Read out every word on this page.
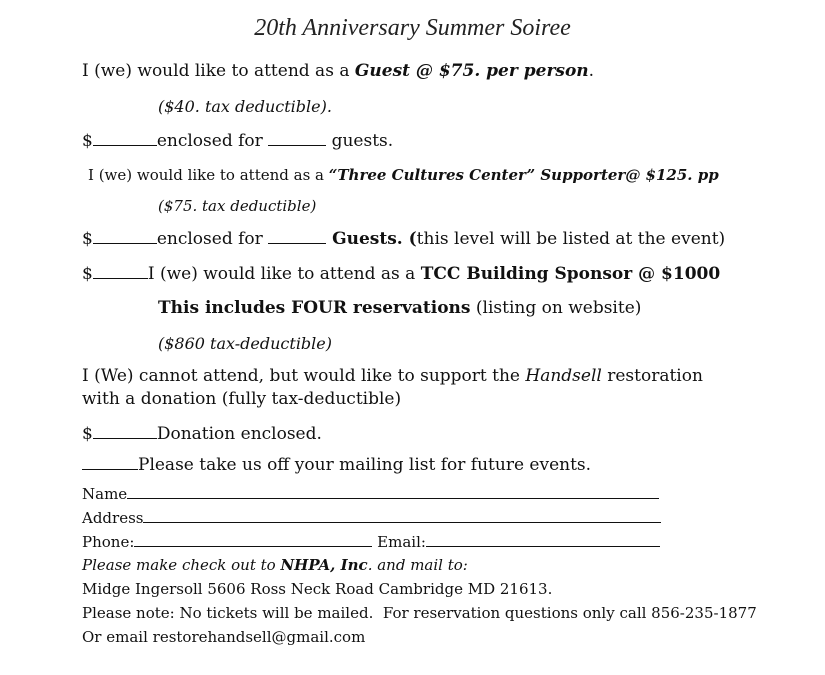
20th Anniversary Summer Soiree
I (we) would like to attend as a Guest @ $75. per person.
($40. tax deductible).
$	enclosed for	guests.
I (we) would like to attend as a “Three Cultures Center” Supporter@ $125. pp
($75. tax deductible)
$	enclosed for	Guests. (this level will be listed at the event)
$	I (we) would like to attend as a TCC Building Sponsor @ $1000
This includes FOUR reservations (listing on website)
($860 tax-deductible)
I (We) cannot attend, but would like to support the Handsell restoration
with a donation (fully tax-deductible)
$	Donation enclosed.
Please take us off your mailing list for future events.
Name
Address
Phone:	Email:
Please make check out to NHPA, Inc. and mail to:
Midge Ingersoll 5606 Ross Neck Road Cambridge MD 21613.
Please note: No tickets will be mailed.  For reservation questions only call 856-235-1877
Or email restorehandsell@gmail.com
